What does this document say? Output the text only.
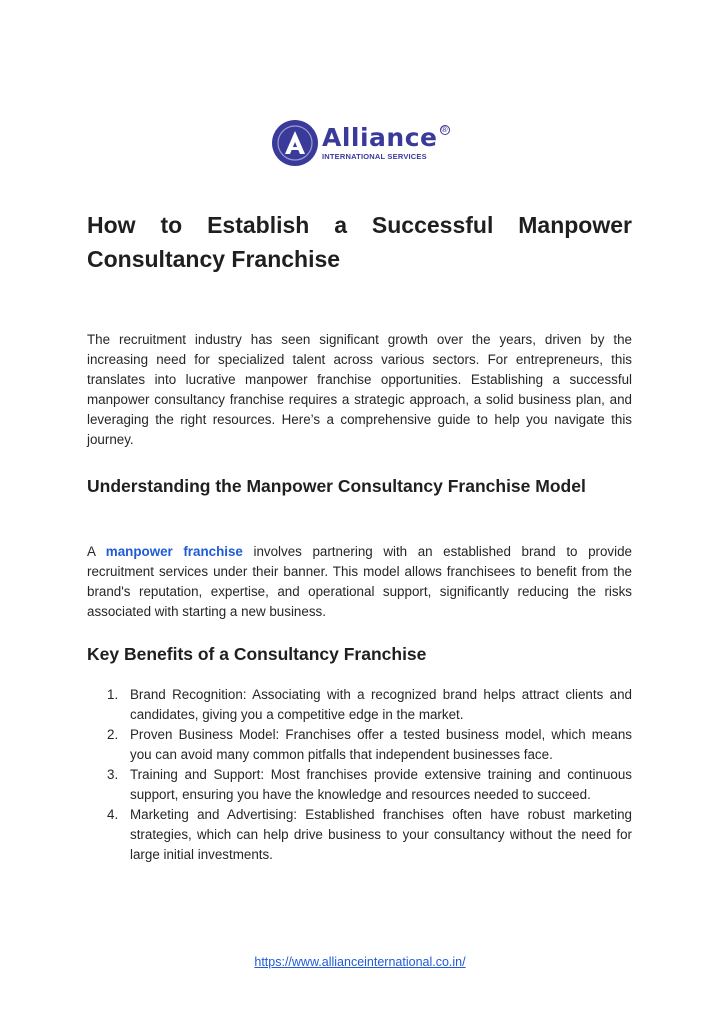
Alliance ®
INTERNATIONAL SERVICES
How to Establish a Successful Manpower Consultancy Franchise

The recruitment industry has seen significant growth over the years, driven by the increasing need for specialized talent across various sectors. For entrepreneurs, this translates into lucrative manpower franchise opportunities. Establishing a successful manpower consultancy franchise requires a strategic approach, a solid business plan, and leveraging the right resources. Here’s a comprehensive guide to help you navigate this journey.

Understanding the Manpower Consultancy Franchise Model

A manpower franchise involves partnering with an established brand to provide recruitment services under their banner. This model allows franchisees to benefit from the brand's reputation, expertise, and operational support, significantly reducing the risks associated with starting a new business.

Key Benefits of a Consultancy Franchise
1. Brand Recognition: Associating with a recognized brand helps attract clients and candidates, giving you a competitive edge in the market.
2. Proven Business Model: Franchises offer a tested business model, which means you can avoid many common pitfalls that independent businesses face.
3. Training and Support: Most franchises provide extensive training and continuous support, ensuring you have the knowledge and resources needed to succeed.
4. Marketing and Advertising: Established franchises often have robust marketing strategies, which can help drive business to your consultancy without the need for large initial investments.
https://www.allianceinternational.co.in/
